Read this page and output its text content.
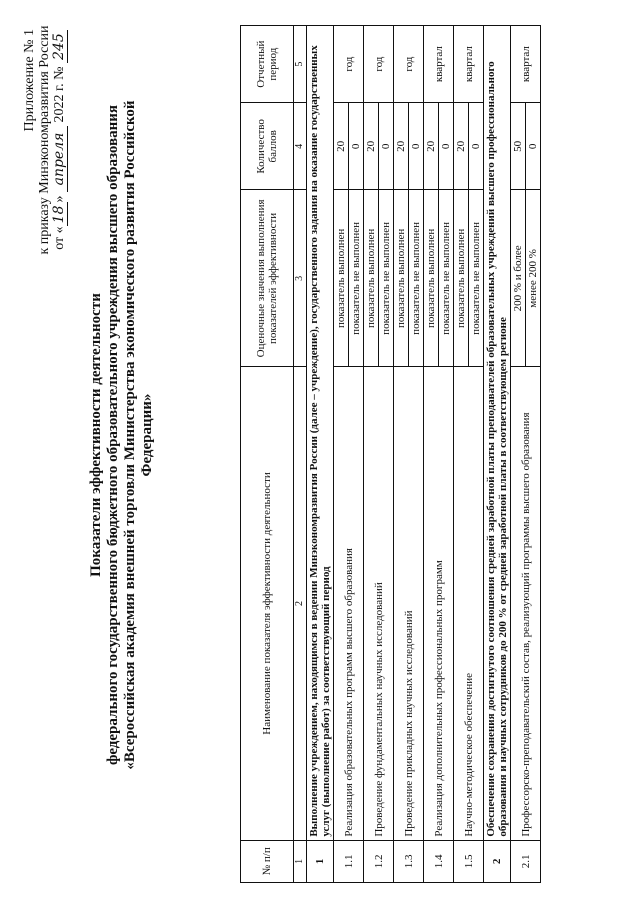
Приложение № 1 к приказу Минэкономразвития России от «18» апреля 2022 г. № 245
Показатели эффективности деятельности федерального государственного бюджетного образовательного учреждения высшего образования «Всероссийская академия внешней торговли Министерства экономического развития Российской Федерации»
№ п/п	Наименование показателя эффективности деятельности	Оценочные значения выполнения показателей эффективности	Количество баллов	Отчетный период
1	2	3	4	5
1	Выполнение учреждением, находящимся в ведении Минэкономразвития России (далее – учреждение), государственного задания на оказание государственных услуг (выполнение работ) за соответствующий период			
1.1	Реализация образовательных программ высшего образования	показатель выполнен	20	год
		показатель не выполнен	0	
1.2	Проведение фундаментальных научных исследований	показатель выполнен	20	год
		показатель не выполнен	0	
1.3	Проведение прикладных научных исследований	показатель выполнен	20	год
		показатель не выполнен	0	
1.4	Реализация дополнительных профессиональных программ	показатель выполнен	20	квартал
		показатель не выполнен	0	
1.5	Научно-методическое обеспечение	показатель выполнен	20	квартал
		показатель не выполнен	0	
2	Обеспечение сохранения достигнутого соотношения средней заработной платы преподавателей образовательных учреждений высшего профессионального образования и научных сотрудников до 200 % от средней заработной платы в соответствующем регионе			
2.1	Профессорско-преподавательский состав, реализующий программы высшего образования	200 % и более	50	квартал
		менее 200 %	0	
